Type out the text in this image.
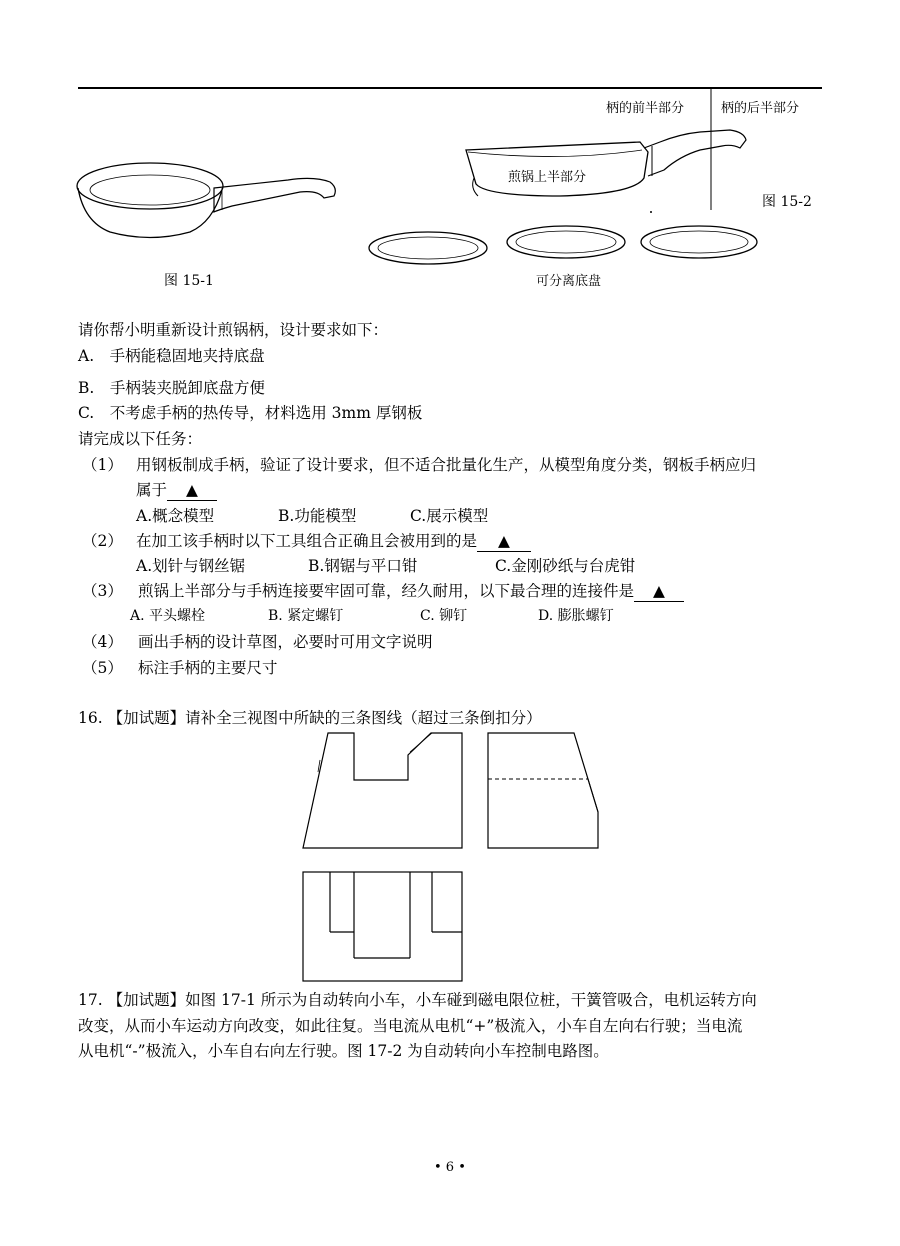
柄的前半部分	柄的后半部分
煎锅上半部分
图 15-2
图 15-1	可分离底盘
请你帮小明重新设计煎锅柄，设计要求如下：
A.　手柄能稳固地夹持底盘
B.　手柄装夹脱卸底盘方便
C.　不考虑手柄的热传导，材料选用 3mm 厚钢板
请完成以下任务：
（1） 用钢板制成手柄，验证了设计要求，但不适合批量化生产，从模型角度分类，钢板手柄应归
属于 ▲
A.概念模型	B.功能模型	C.展示模型
（2） 在加工该手柄时以下工具组合正确且会被用到的是 ▲
A.划针与钢丝锯	B.钢锯与平口钳	C.金刚砂纸与台虎钳
（3） 煎锅上半部分与手柄连接要牢固可靠，经久耐用，以下最合理的连接件是 ▲
A. 平头螺栓	B. 紧定螺钉	C. 铆钉	D. 膨胀螺钉
（4） 画出手柄的设计草图，必要时可用文字说明
（5） 标注手柄的主要尺寸
16. 【加试题】请补全三视图中所缺的三条图线（超过三条倒扣分）
17. 【加试题】如图 17-1 所示为自动转向小车，小车碰到磁电限位桩，干簧管吸合，电机运转方向
改变，从而小车运动方向改变，如此往复。当电流从电机“+”极流入，小车自左向右行驶；当电流
从电机“-”极流入，小车自右向左行驶。图 17-2 为自动转向小车控制电路图。
• 6 •
